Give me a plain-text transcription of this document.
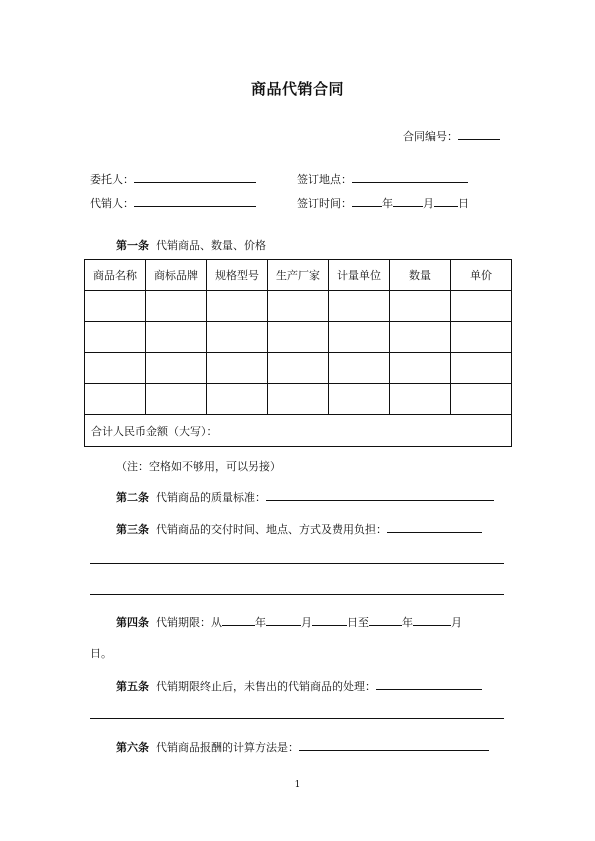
商品代销合同
合同编号：
委托人：	签订地点：
代销人：	签订时间：	年	月 日
第一条 代销商品、数量、价格
商品名称	商标品牌	规格型号	生产厂家	计量单位	数量	单价

合计人民币金额（大写）：						
（注：空格如不够用，可以另接）
第二条 代销商品的质量标准：
第三条 代销商品的交付时间、地点、方式及费用负担：
第四条 代销期限：从	年	月	日至	年	月
日。
第五条 代销期限终止后，未售出的代销商品的处理：
第六条 代销商品报酬的计算方法是：
1
